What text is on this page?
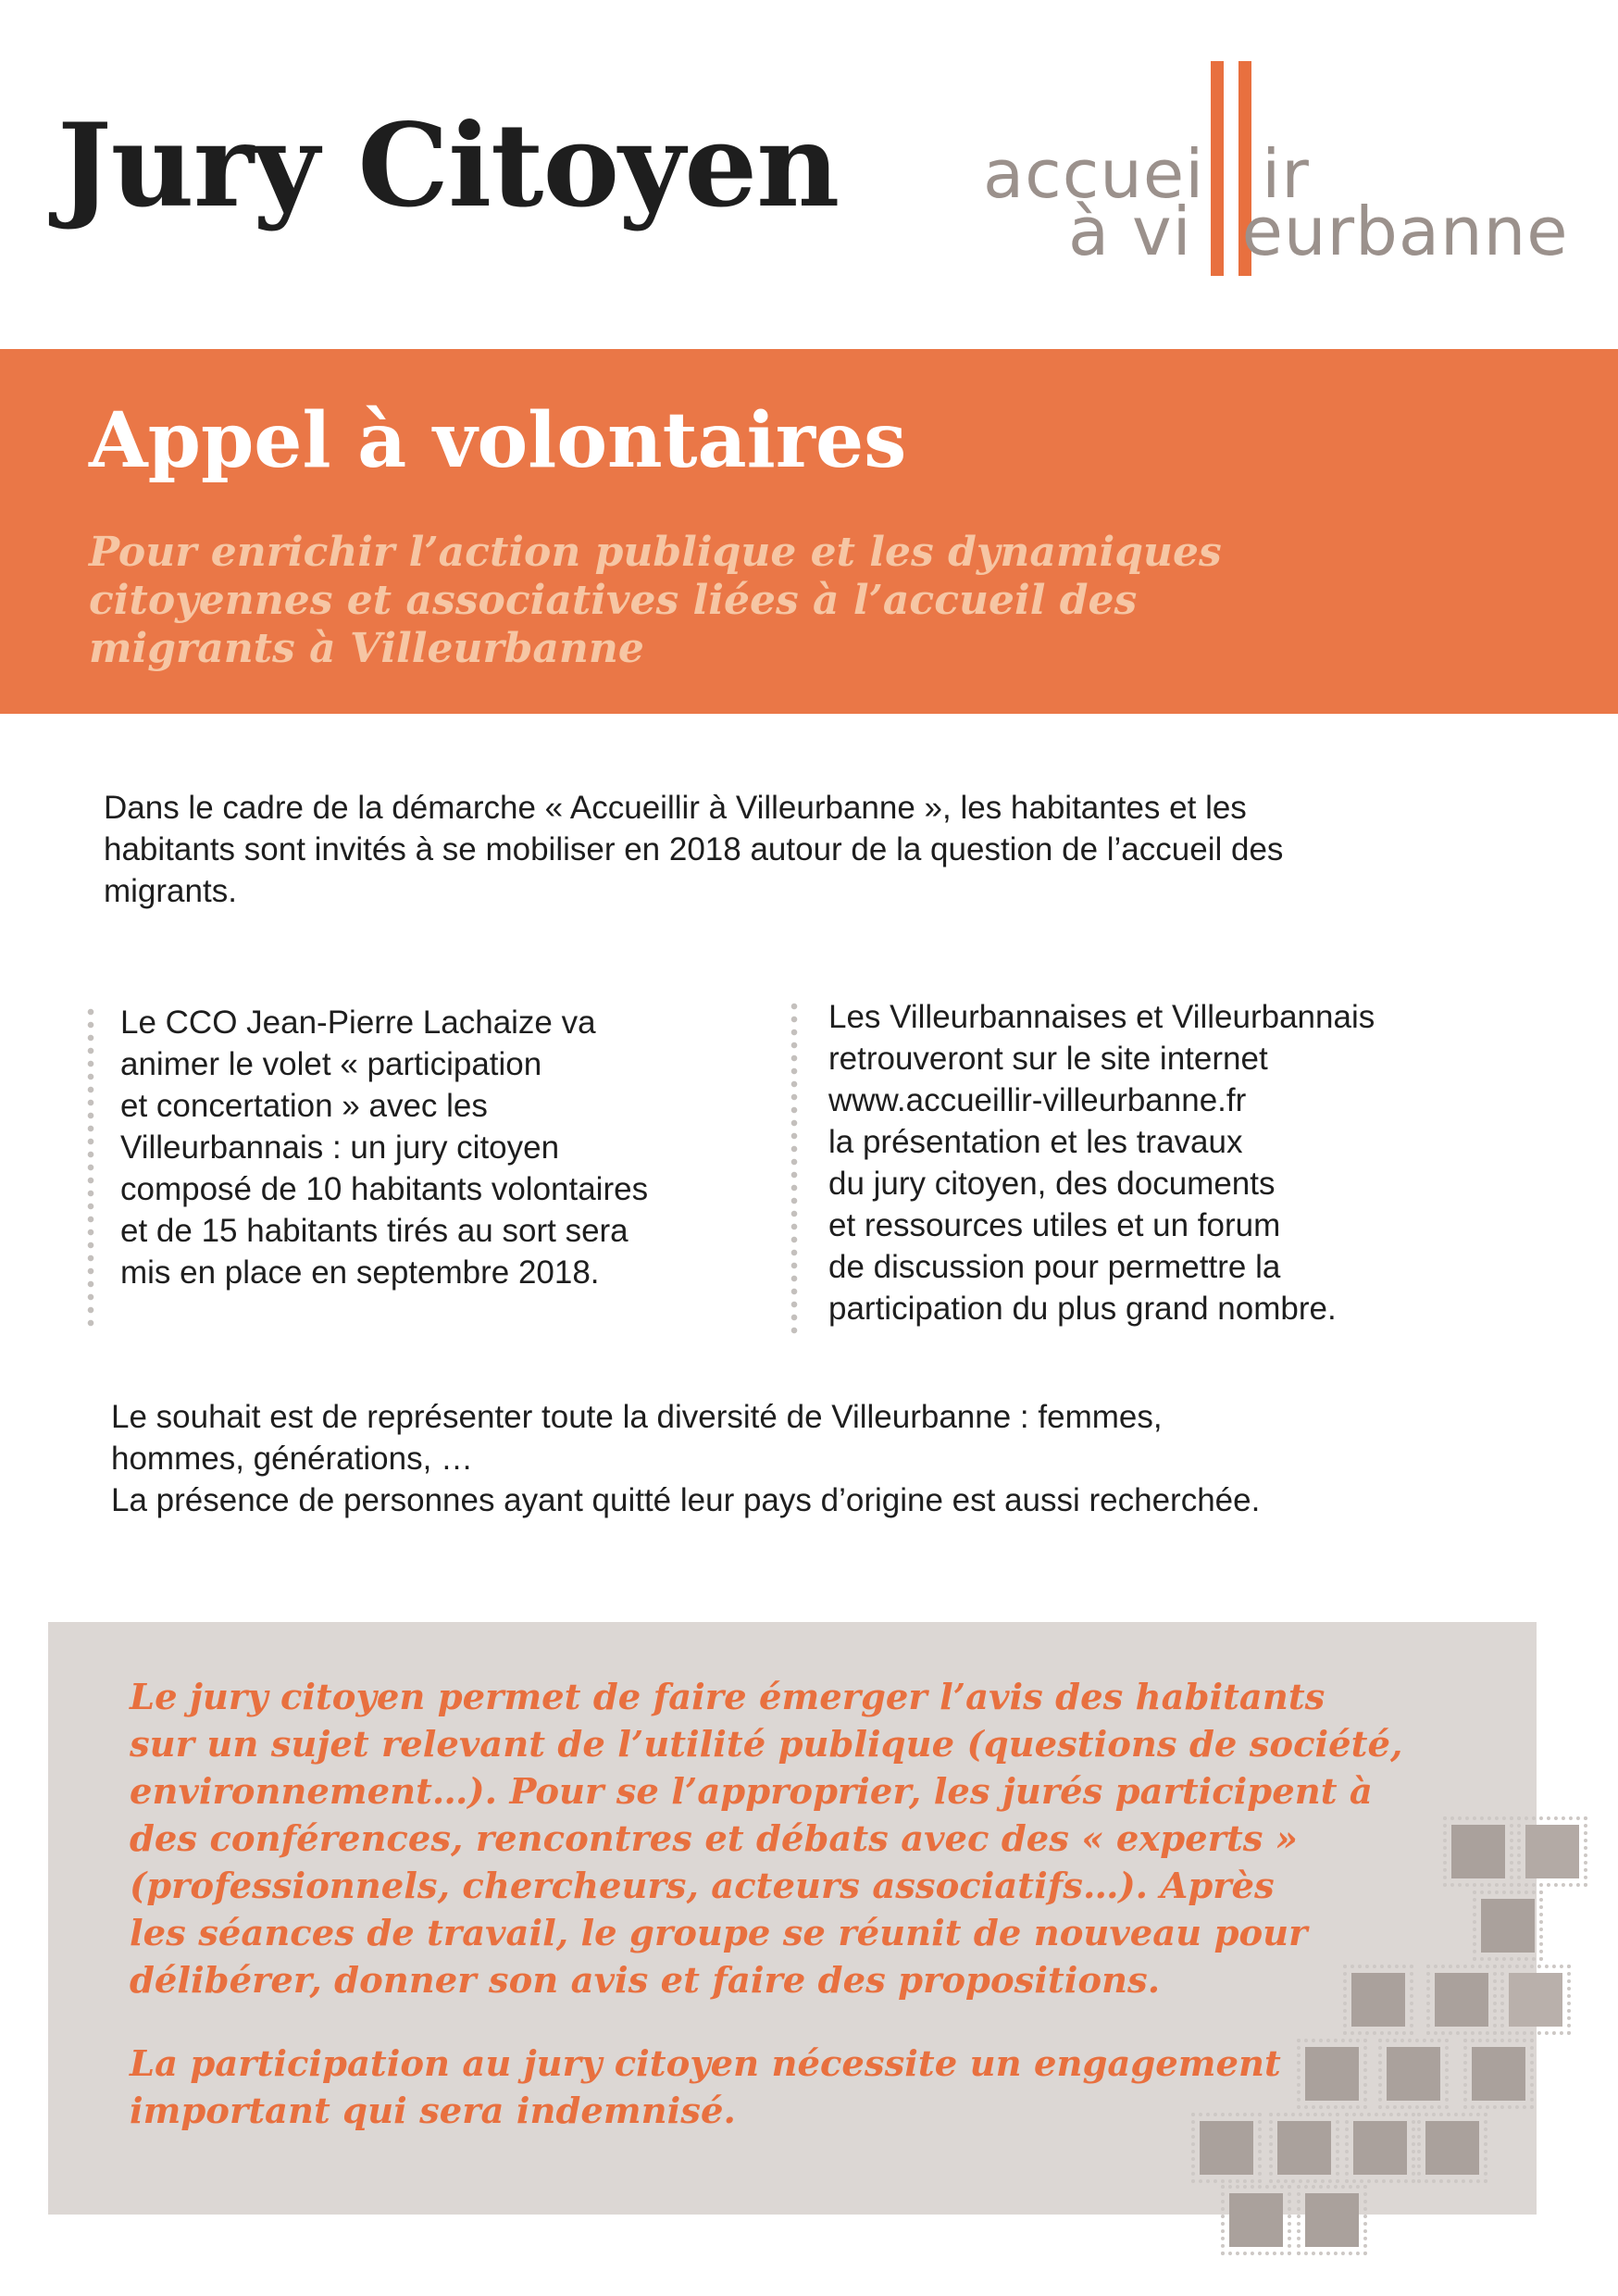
Jury Citoyen accuei ir
à vi eurbanne
Appel à volontaires
Pour enrichir l’action publique et les dynamiques
citoyennes et associatives liées à l’accueil des
migrants à Villeurbanne
Dans le cadre de la démarche « Accueillir à Villeurbanne », les habitantes et les
habitants sont invités à se mobiliser en 2018 autour de la question de l’accueil des
migrants.
Le CCO Jean-Pierre Lachaize va
animer le volet « participation
et concertation » avec les
Villeurbannais : un jury citoyen
composé de 10 habitants volontaires
et de 15 habitants tirés au sort sera
mis en place en septembre 2018.
Les Villeurbannaises et Villeurbannais
retrouveront sur le site internet
www.accueillir-villeurbanne.fr
la présentation et les travaux
du jury citoyen, des documents
et ressources utiles et un forum
de discussion pour permettre la
participation du plus grand nombre.
Le souhait est de représenter toute la diversité de Villeurbanne : femmes,
hommes, générations, …
La présence de personnes ayant quitté leur pays d’origine est aussi recherchée.
Le jury citoyen permet de faire émerger l’avis des habitants
sur un sujet relevant de l’utilité publique (questions de société,
environnement…). Pour se l’approprier, les jurés participent à
des conférences, rencontres et débats avec des « experts »
(professionnels, chercheurs, acteurs associatifs…). Après
les séances de travail, le groupe se réunit de nouveau pour
délibérer, donner son avis et faire des propositions.
La participation au jury citoyen nécessite un engagement
important qui sera indemnisé.
